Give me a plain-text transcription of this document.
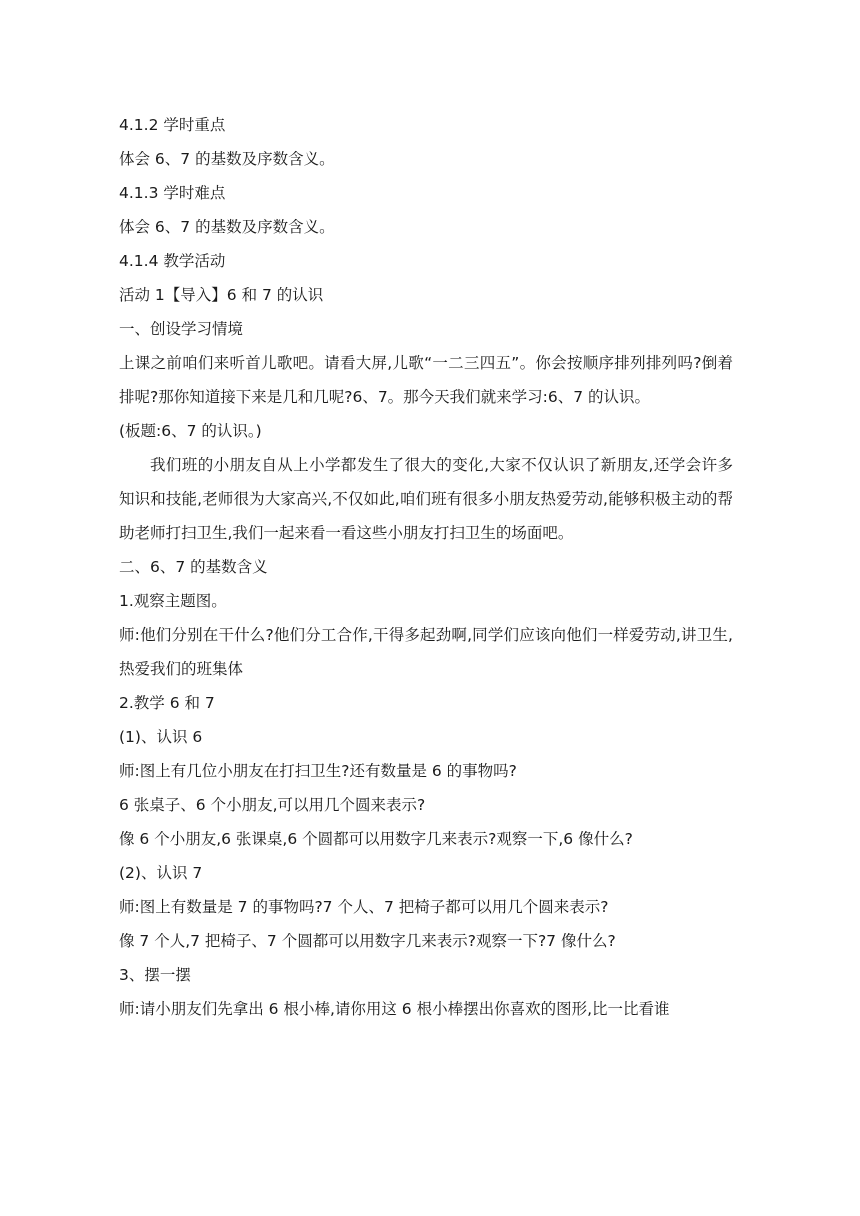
4.1.2 学时重点
体会 6、7 的基数及序数含义。
4.1.3 学时难点
体会 6、7 的基数及序数含义。
4.1.4 教学活动
活动 1【导入】6 和 7 的认识
一、创设学习情境
上课之前咱们来听首儿歌吧。请看大屏,儿歌“一二三四五”。你会按顺序排列排列吗?倒着排呢?那你知道接下来是几和几呢?6、7。那今天我们就来学习:6、7 的认识。
(板题:6、7 的认识。)
我们班的小朋友自从上小学都发生了很大的变化,大家不仅认识了新朋友,还学会许多知识和技能,老师很为大家高兴,不仅如此,咱们班有很多小朋友热爱劳动,能够积极主动的帮助老师打扫卫生,我们一起来看一看这些小朋友打扫卫生的场面吧。
二、6、7 的基数含义
1.观察主题图。
师:他们分别在干什么?他们分工合作,干得多起劲啊,同学们应该向他们一样爱劳动,讲卫生,热爱我们的班集体
2.教学 6 和 7
(1)、认识 6
师:图上有几位小朋友在打扫卫生?还有数量是 6 的事物吗?
6 张桌子、6 个小朋友,可以用几个圆来表示?
像 6 个小朋友,6 张课桌,6 个圆都可以用数字几来表示?观察一下,6 像什么?
(2)、认识 7
师:图上有数量是 7 的事物吗?7 个人、7 把椅子都可以用几个圆来表示?
像 7 个人,7 把椅子、7 个圆都可以用数字几来表示?观察一下?7 像什么?
3、摆一摆
师:请小朋友们先拿出 6 根小棒,请你用这 6 根小棒摆出你喜欢的图形,比一比看谁
